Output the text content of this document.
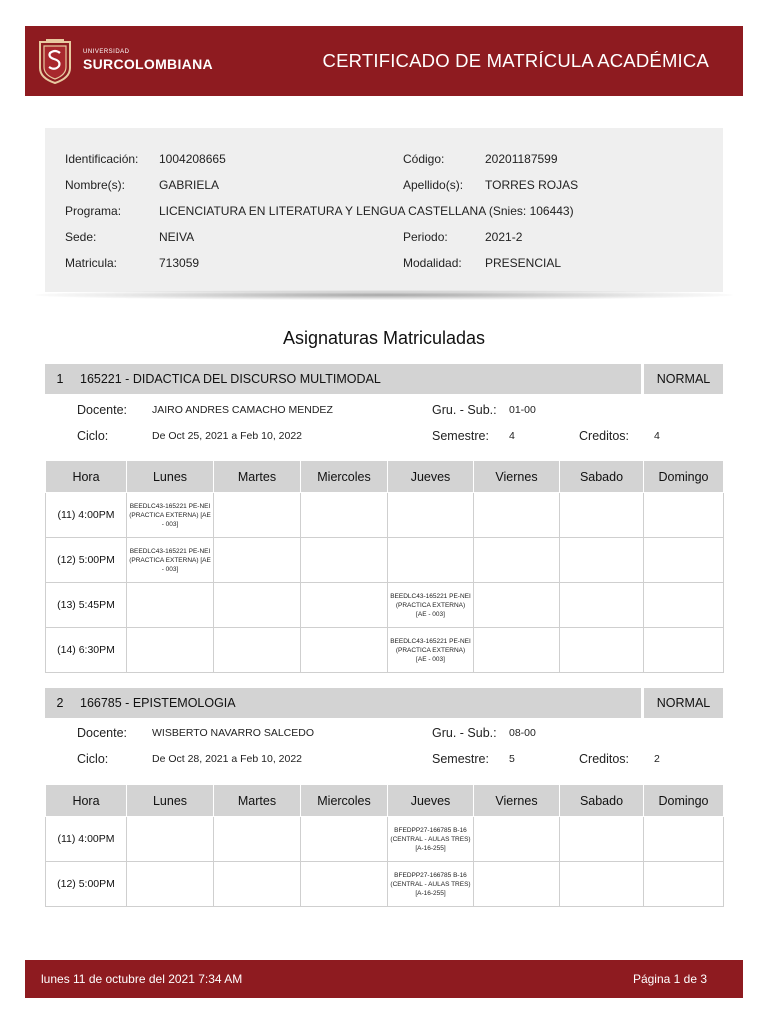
UNIVERSIDAD
SURCOLOMBIANA	CERTIFICADO DE MATRÍCULA ACADÉMICA
Identificación: 1004208665	Código:	20201187599
Nombre(s):	GABRIELA	Apellido(s): TORRES ROJAS
Programa:	LICENCIATURA EN LITERATURA Y LENGUA CASTELLANA (Snies: 106443)
Sede:	NEIVA	Periodo:	2021-2
Matricula:	713059	Modalidad: PRESENCIAL
Asignaturas Matriculadas
1	165221 - DIDACTICA DEL DISCURSO MULTIMODAL	NORMAL
Docente: JAIRO ANDRES CAMACHO MENDEZ	Gru. - Sub.: 01-00
Ciclo:	De Oct 25, 2021 a Feb 10, 2022	Semestre: 4	Creditos: 4
Hora	Lunes	Martes	Miercoles	Jueves	Viernes	Sabado	Domingo
(11) 4:00PM	BEEDLC43-165221 PE-NEI (PRACTICA EXTERNA) [AE - 003]						

(12) 5:00PM	BEEDLC43-165221 PE-NEI (PRACTICA EXTERNA) [AE - 003]						

(13) 5:45PM				BEEDLC43-165221 PE-NEI (PRACTICA EXTERNA) [AE - 003]			

(14) 6:30PM				BEEDLC43-165221 PE-NEI (PRACTICA EXTERNA) [AE - 003]			

2	166785 - EPISTEMOLOGIA	NORMAL
Docente: WISBERTO NAVARRO SALCEDO	Gru. - Sub.: 08-00
Ciclo:	De Oct 28, 2021 a Feb 10, 2022	Semestre: 5	Creditos: 2
Hora	Lunes	Martes	Miercoles	Jueves	Viernes	Sabado	Domingo
(11) 4:00PM				BFEDPP27-166785 B-16 (CENTRAL - AULAS TRES) [A-16-255]			

(12) 5:00PM				BFEDPP27-166785 B-16 (CENTRAL - AULAS TRES) [A-16-255]			

lunes 11 de octubre del 2021 7:34 AM	Página 1 de 3
